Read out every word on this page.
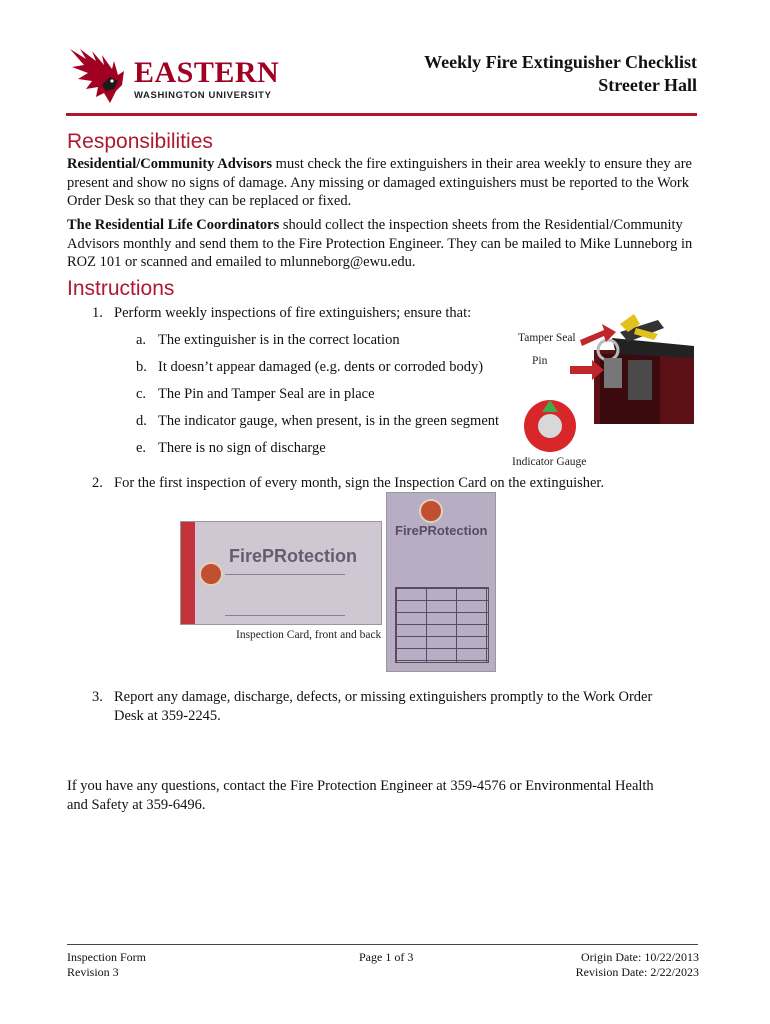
EASTERN
WASHINGTON UNIVERSITY
Weekly Fire Extinguisher Checklist
Streeter Hall
Responsibilities
Residential/Community Advisors must check the fire extinguishers in their area weekly to ensure they are present and show no signs of damage. Any missing or damaged extinguishers must be reported to the Work Order Desk so that they can be replaced or fixed.
The Residential Life Coordinators should collect the inspection sheets from the Residential/Community Advisors monthly and send them to the Fire Protection Engineer. They can be mailed to Mike Lunneborg in ROZ 101 or scanned and emailed to mlunneborg@ewu.edu.
Instructions
1. Perform weekly inspections of fire extinguishers; ensure that:
a. The extinguisher is in the correct location
b. It doesn’t appear damaged (e.g. dents or corroded body)
c. The Pin and Tamper Seal are in place
d. The indicator gauge, when present, is in the green segment
e. There is no sign of discharge
Tamper Seal
Pin
Indicator Gauge
2. For the first inspection of every month, sign the Inspection Card on the extinguisher.
FirePRotection
FirePRotection
Inspection Card, front and back
3. Report any damage, discharge, defects, or missing extinguishers promptly to the Work Order
Desk at 359-2245.
If you have any questions, contact the Fire Protection Engineer at 359-4576 or Environmental Health
and Safety at 359-6496.
Inspection Form
Revision 3
Page 1 of 3	Origin Date: 10/22/2013
Revision Date: 2/22/2023
